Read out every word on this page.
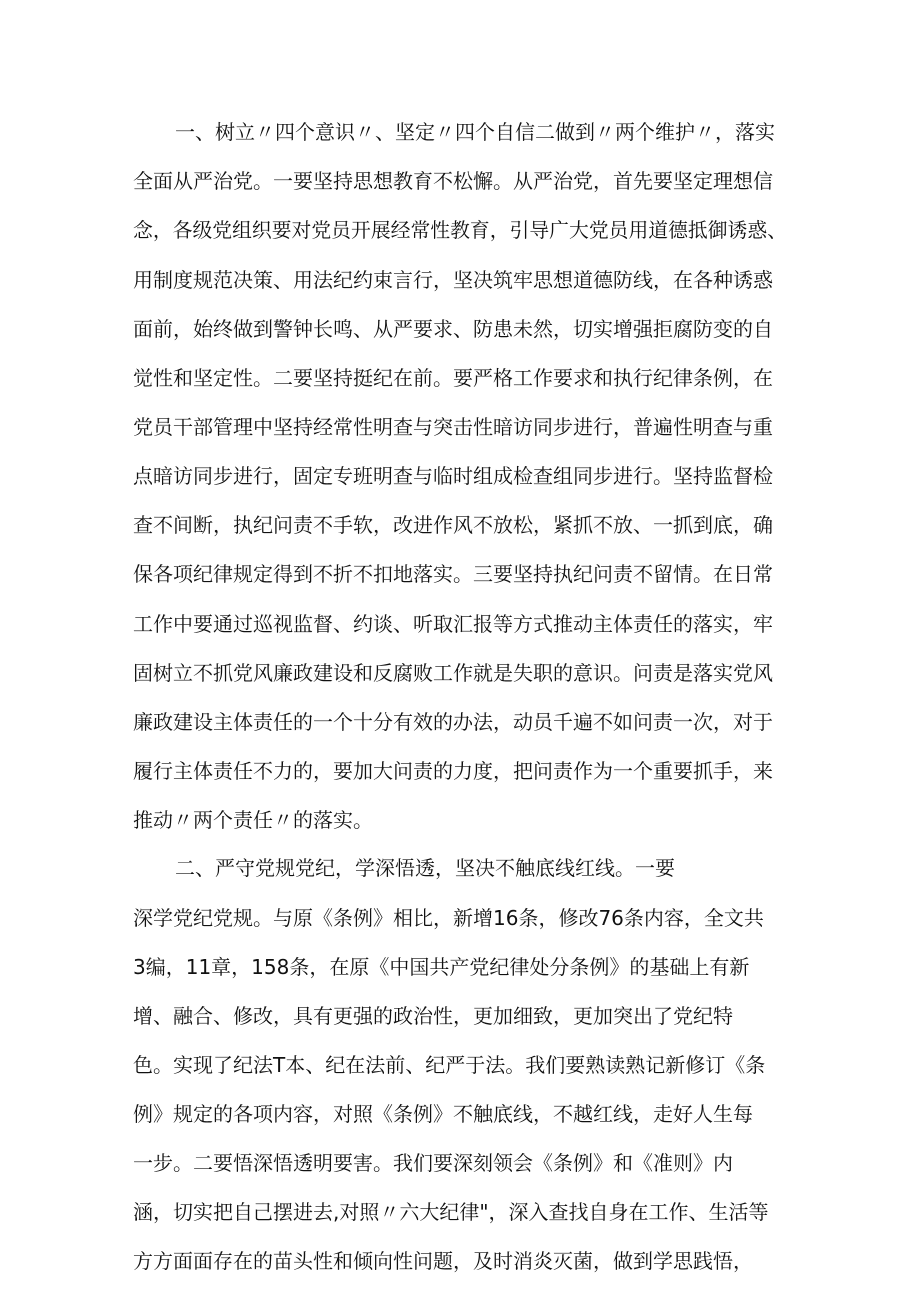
一、树立〃四个意识〃、坚定〃四个自信二做到〃两个维护〃，落实
全面从严治党。一要坚持思想教育不松懈。从严治党，首先要坚定理想信
念，各级党组织要对党员开展经常性教育，引导广大党员用道德抵御诱惑、
用制度规范决策、用法纪约束言行，坚决筑牢思想道德防线，在各种诱惑
面前，始终做到警钟长鸣、从严要求、防患未然，切实增强拒腐防变的自
觉性和坚定性。二要坚持挺纪在前。要严格工作要求和执行纪律条例，在
党员干部管理中坚持经常性明查与突击性暗访同步进行，普遍性明查与重
点暗访同步进行，固定专班明查与临时组成检查组同步进行。坚持监督检
查不间断，执纪问责不手软，改进作风不放松，紧抓不放、一抓到底，确
保各项纪律规定得到不折不扣地落实。三要坚持执纪问责不留情。在日常
工作中要通过巡视监督、约谈、听取汇报等方式推动主体责任的落实，牢
固树立不抓党风廉政建设和反腐败工作就是失职的意识。问责是落实党风
廉政建设主体责任的一个十分有效的办法，动员千遍不如问责一次，对于
履行主体责任不力的，要加大问责的力度，把问责作为一个重要抓手，来
推动〃两个责任〃的落实。
二、严守党规党纪，学深悟透，坚决不触底线红线。一要
深学党纪党规。与原《条例》相比，新增16条，修改76条内容，全文共
3编，11章，158条，在原《中国共产党纪律处分条例》的基础上有新
增、融合、修改，具有更强的政治性，更加细致，更加突出了党纪特
色。实现了纪法T本、纪在法前、纪严于法。我们要熟读熟记新修订《条
例》规定的各项内容，对照《条例》不触底线，不越红线，走好人生每
一步。二要悟深悟透明要害。我们要深刻领会《条例》和《准则》内
涵，切实把自己摆进去,对照〃六大纪律"，深入查找自身在工作、生活等
方方面面存在的苗头性和倾向性问题，及时消炎灭菌，做到学思践悟，
